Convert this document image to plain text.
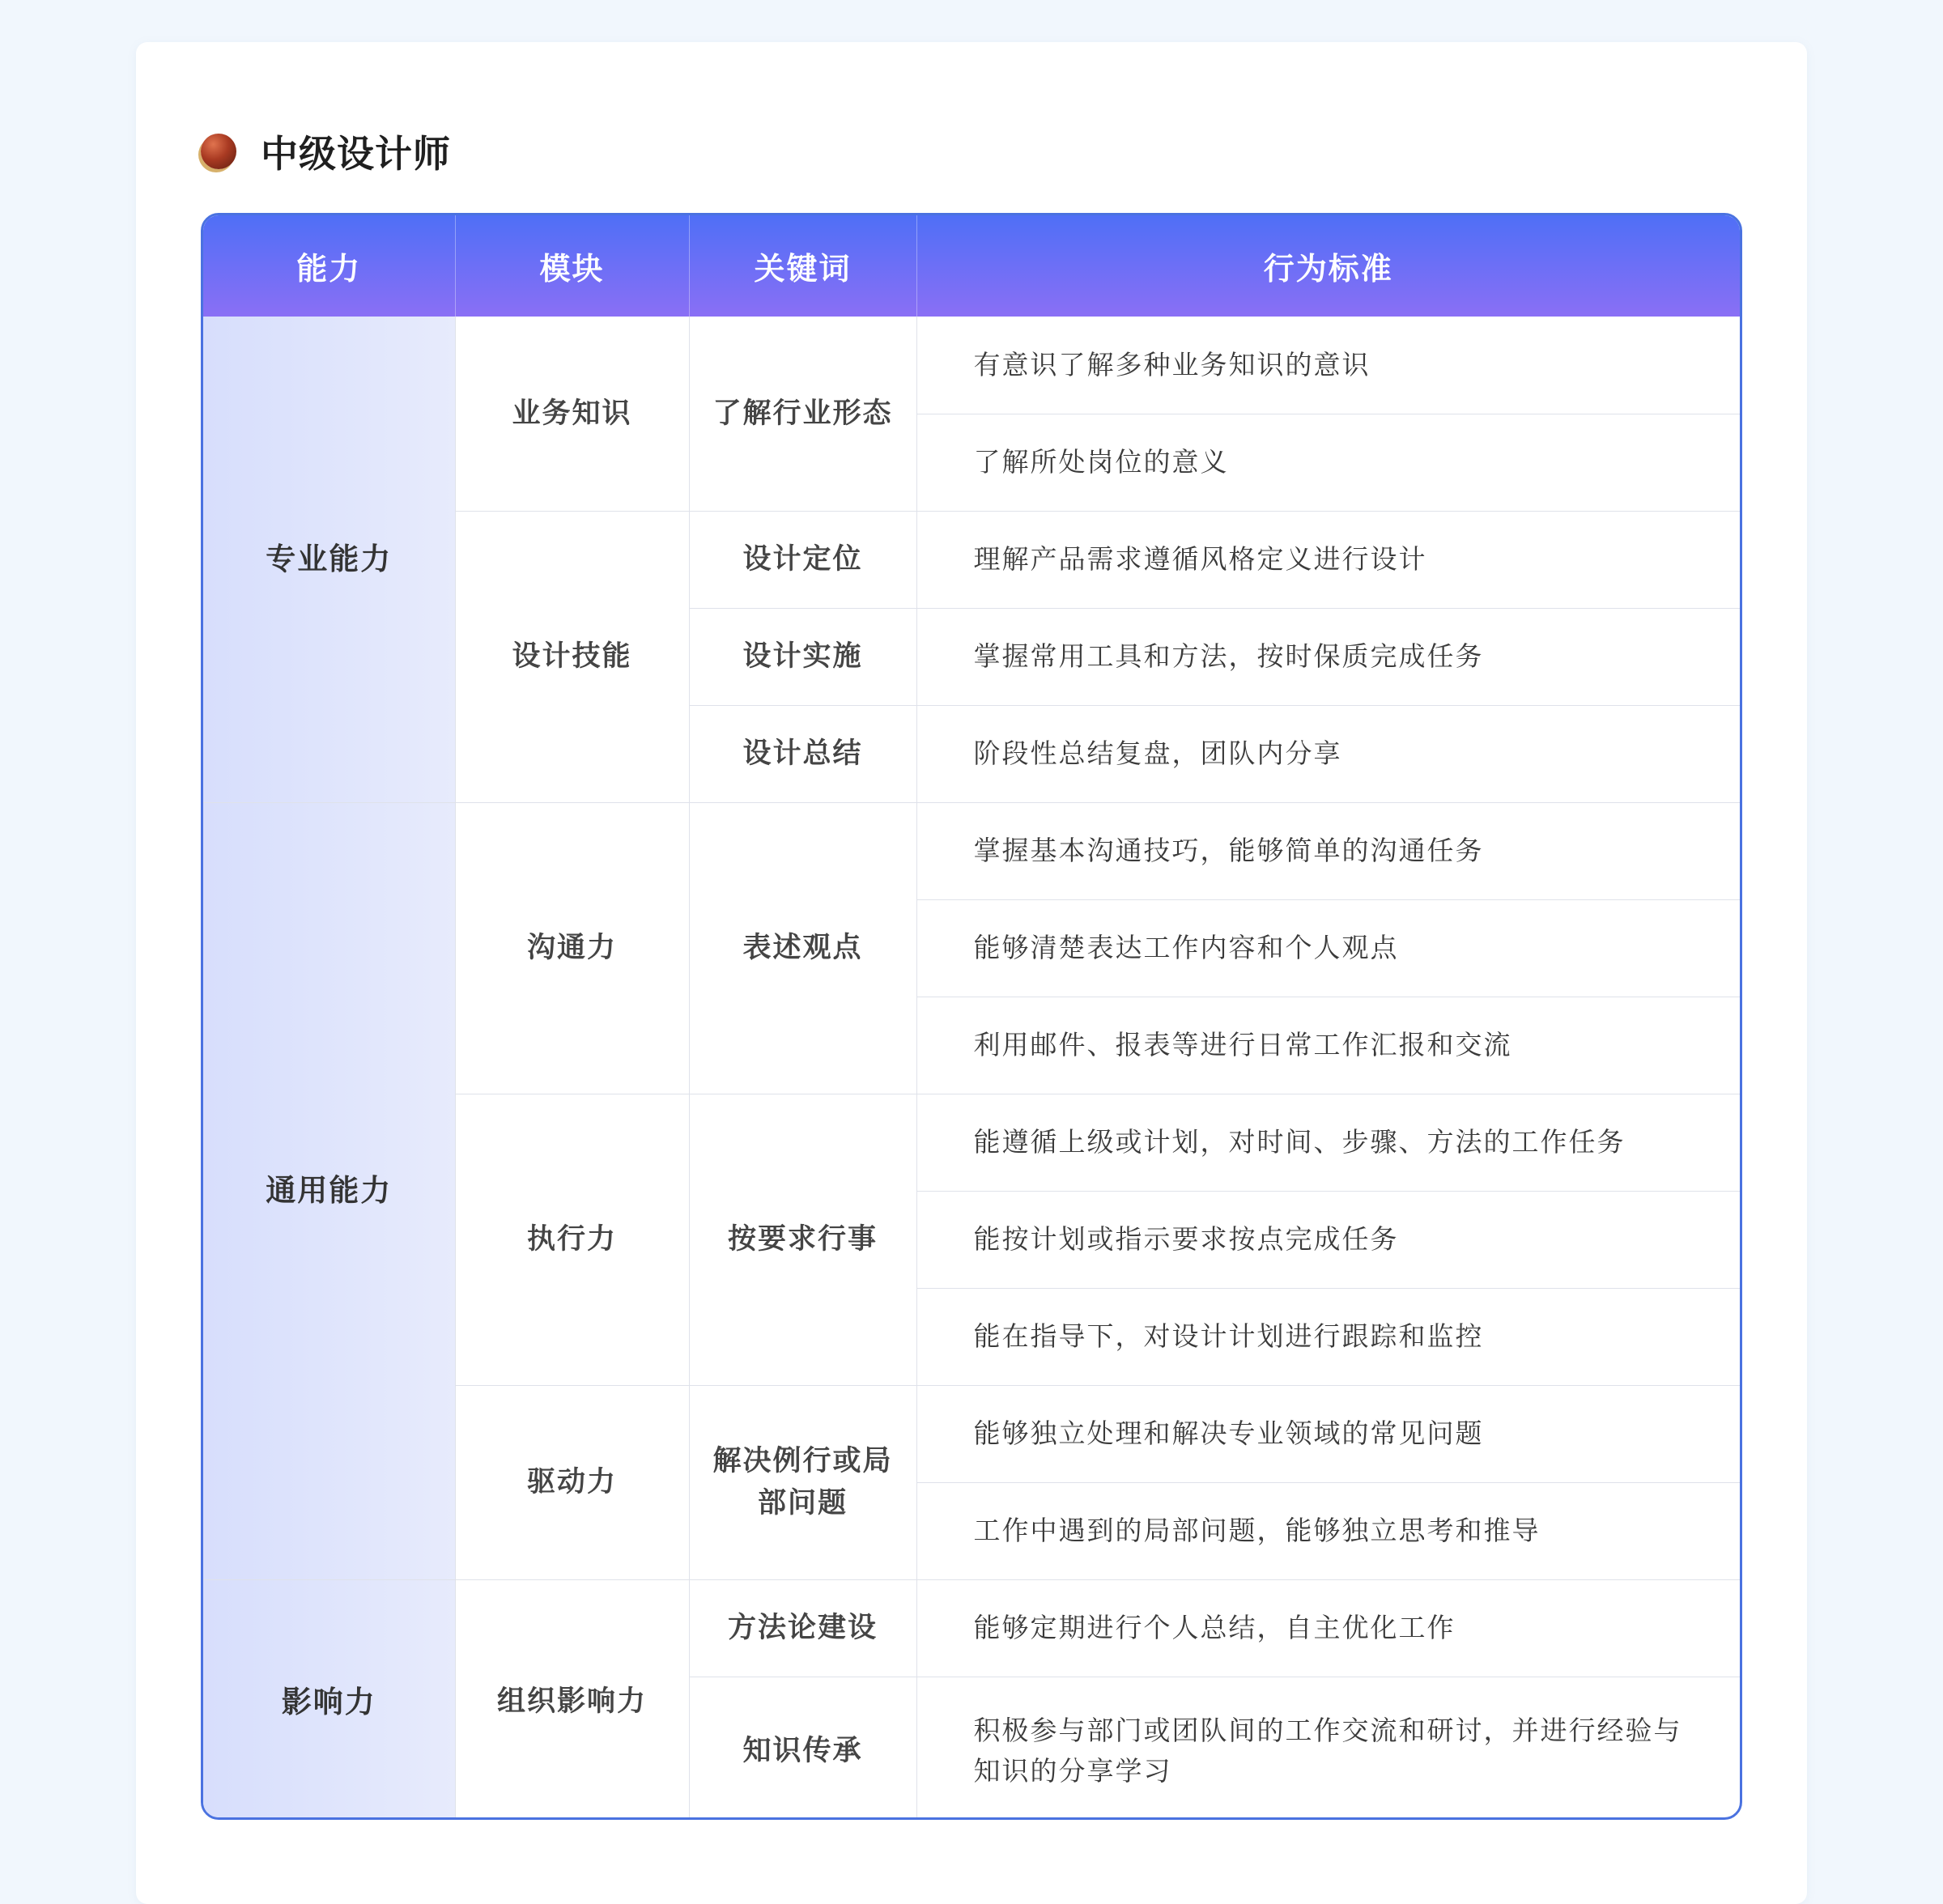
中级设计师
能力	模块	关键词	行为标准
专业能力	业务知识	了解行业形态	有意识了解多种业务知识的意识
			了解所处岗位的意义
	设计技能	设计定位	理解产品需求遵循风格定义进行设计
		设计实施	掌握常用工具和方法，按时保质完成任务
		设计总结	阶段性总结复盘，团队内分享
通用能力	沟通力	表述观点	掌握基本沟通技巧，能够简单的沟通任务
			能够清楚表达工作内容和个人观点
			利用邮件、报表等进行日常工作汇报和交流
	执行力	按要求行事	能遵循上级或计划，对时间、步骤、方法的工作任务
			能按计划或指示要求按点完成任务
			能在指导下，对设计计划进行跟踪和监控
	驱动力	解决例行或局部问题	能够独立处理和解决专业领域的常见问题
			工作中遇到的局部问题，能够独立思考和推导
影响力	组织影响力	方法论建设	能够定期进行个人总结，自主优化工作
		知识传承	积极参与部门或团队间的工作交流和研讨，并进行经验与知识的分享学习
